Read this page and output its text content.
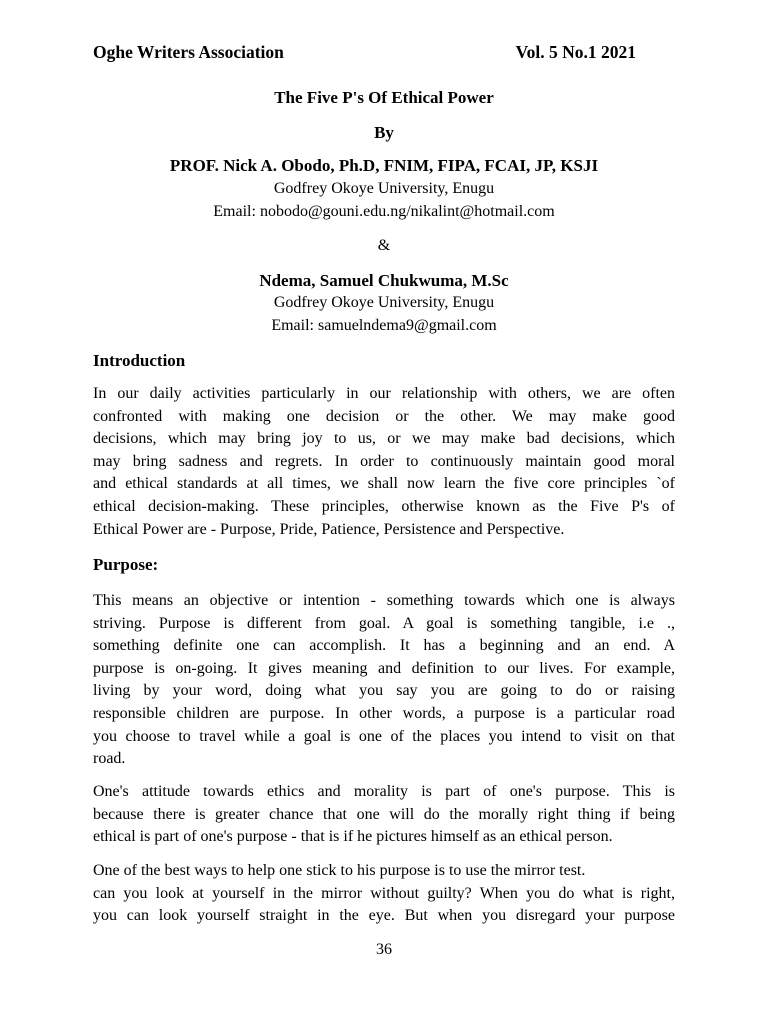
Oghe Writers Association	Vol. 5 No.1 2021
The Five P's Of Ethical Power
By
PROF. Nick A. Obodo, Ph.D, FNIM, FIPA, FCAI, JP, KSJI
Godfrey Okoye University, Enugu
Email: nobodo@gouni.edu.ng/nikalint@hotmail.com
&
Ndema, Samuel Chukwuma, M.Sc
Godfrey Okoye University, Enugu
Email: samuelndema9@gmail.com
Introduction
In our daily activities particularly in our relationship with others, we are often
confronted with making one decision or the other. We may make good
decisions, which may bring joy to us, or we may make bad decisions, which
may bring sadness and regrets. In order to continuously maintain good moral
and ethical standards at all times, we shall now learn the five core principles `of
ethical decision-making. These principles, otherwise known as the Five P's of
Ethical Power are - Purpose, Pride, Patience, Persistence and Perspective.
Purpose:
This means an objective or intention - something towards which one is always
striving. Purpose is different from goal. A goal is something tangible, i.e .,
something definite one can accomplish. It has a beginning and an end. A
purpose is on-going. It gives meaning and definition to our lives. For example,
living by your word, doing what you say you are going to do or raising
responsible children are purpose. In other words, a purpose is a particular road
you choose to travel while a goal is one of the places you intend to visit on that
road.
One's attitude towards ethics and morality is part of one's purpose. This is
because there is greater chance that one will do the morally right thing if being
ethical is part of one's purpose - that is if he pictures himself as an ethical person.
One of the best ways to help one stick to his purpose is to use the mirror test.
can you look at yourself in the mirror without guilty? When you do what is right,
you can look yourself straight in the eye. But when you disregard your purpose
36
